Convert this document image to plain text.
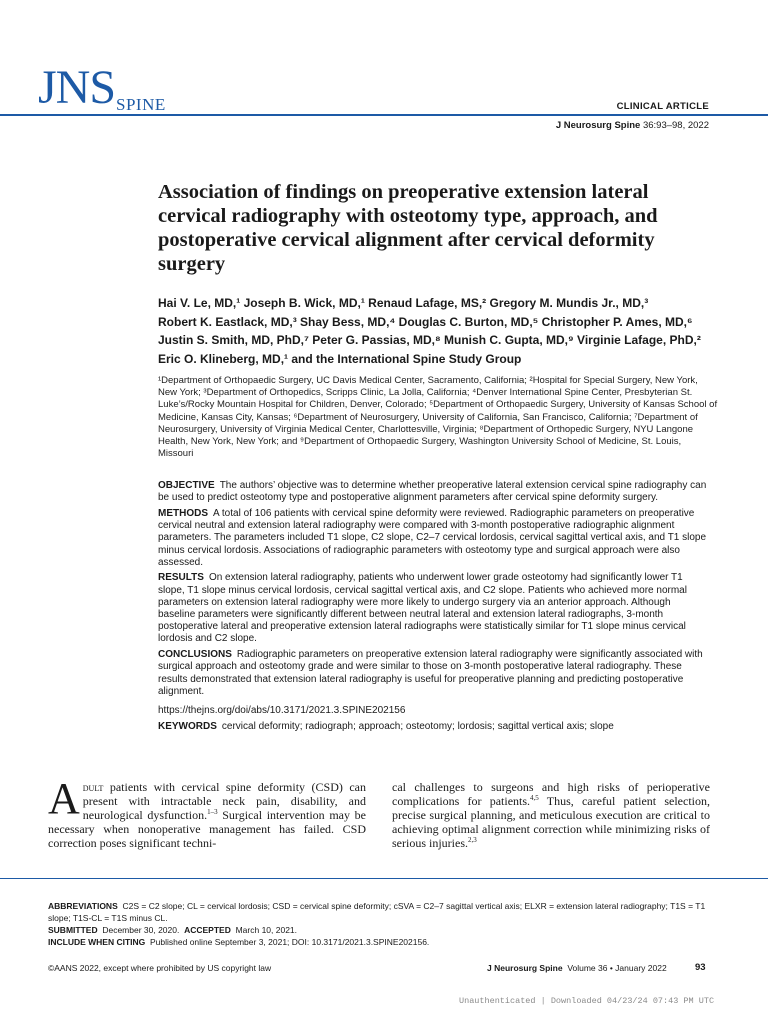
JNS SPINE	CLINICAL ARTICLE
J Neurosurg Spine 36:93–98, 2022
Association of findings on preoperative extension lateral cervical radiography with osteotomy type, approach, and postoperative cervical alignment after cervical deformity surgery
Hai V. Le, MD,¹ Joseph B. Wick, MD,¹ Renaud Lafage, MS,² Gregory M. Mundis Jr., MD,³
Robert K. Eastlack, MD,³ Shay Bess, MD,⁴ Douglas C. Burton, MD,⁵ Christopher P. Ames, MD,⁶
Justin S. Smith, MD, PhD,⁷ Peter G. Passias, MD,⁸ Munish C. Gupta, MD,⁹ Virginie Lafage, PhD,²
Eric O. Klineberg, MD,¹ and the International Spine Study Group
¹Department of Orthopaedic Surgery, UC Davis Medical Center, Sacramento, California; ²Hospital for Special Surgery, New York, New York; ³Department of Orthopedics, Scripps Clinic, La Jolla, California; ⁴Denver International Spine Center, Presbyterian St. Luke’s/Rocky Mountain Hospital for Children, Denver, Colorado; ⁵Department of Orthopaedic Surgery, University of Kansas School of Medicine, Kansas City, Kansas; ⁶Department of Neurosurgery, University of California, San Francisco, California; ⁷Department of Neurosurgery, University of Virginia Medical Center, Charlottesville, Virginia; ⁸Department of Orthopedic Surgery, NYU Langone Health, New York, New York; and ⁹Department of Orthopaedic Surgery, Washington University School of Medicine, St. Louis, Missouri

OBJECTIVE The authors’ objective was to determine whether preoperative lateral extension cervical spine radiography can be used to predict osteotomy type and postoperative alignment parameters after cervical spine deformity surgery.

METHODS A total of 106 patients with cervical spine deformity were reviewed. Radiographic parameters on preoperative cervical neutral and extension lateral radiography were compared with 3-month postoperative radiographic alignment parameters. The parameters included T1 slope, C2 slope, C2–7 cervical lordosis, cervical sagittal vertical axis, and T1 slope minus cervical lordosis. Associations of radiographic parameters with osteotomy type and surgical approach were also assessed.

RESULTS On extension lateral radiography, patients who underwent lower grade osteotomy had significantly lower T1 slope, T1 slope minus cervical lordosis, cervical sagittal vertical axis, and C2 slope. Patients who achieved more normal parameters on extension lateral radiography were more likely to undergo surgery via an anterior approach. Although baseline parameters were significantly different between neutral lateral and extension lateral radiographs, 3-month postoperative lateral and preoperative extension lateral radiographs were statistically similar for T1 slope minus cervical lordosis and C2 slope.

CONCLUSIONS Radiographic parameters on preoperative extension lateral radiography were significantly associated with surgical approach and osteotomy grade and were similar to those on 3-month postoperative lateral radiography. These results demonstrated that extension lateral radiography is useful for preoperative planning and predicting postoperative alignment.

https://thejns.org/doi/abs/10.3171/2021.3.SPINE202156

KEYWORDS cervical deformity; radiograph; approach; osteotomy; lordosis; sagittal vertical axis; slope

Adult patients with cervical spine deformity (CSD) can present with intractable neck pain, disability, and neurological dysfunction.$^{1-3}$ Surgical intervention may be necessary when nonoperative management has failed. CSD correction poses significant techni-
cal challenges to surgeons and high risks of perioperative complications for patients.$^{4,5}$ Thus, careful patient selection, precise surgical planning, and meticulous execution are critical to achieving optimal alignment correction while minimizing risks of serious injuries.$^{2,3}$
ABBREVIATIONS C2S = C2 slope; CL = cervical lordosis; CSD = cervical spine deformity; cSVA = C2–7 sagittal vertical axis; ELXR = extension lateral radiography; T1S = T1 slope; T1S-CL = T1S minus CL.
SUBMITTED December 30, 2020. ACCEPTED March 10, 2021.
INCLUDE WHEN CITING Published online September 3, 2021; DOI: 10.3171/2021.3.SPINE202156.
©AANS 2022, except where prohibited by US copyright law	J Neurosurg Spine Volume 36 • January 2022	93
Unauthenticated | Downloaded 04/23/24 07:43 PM UTC
